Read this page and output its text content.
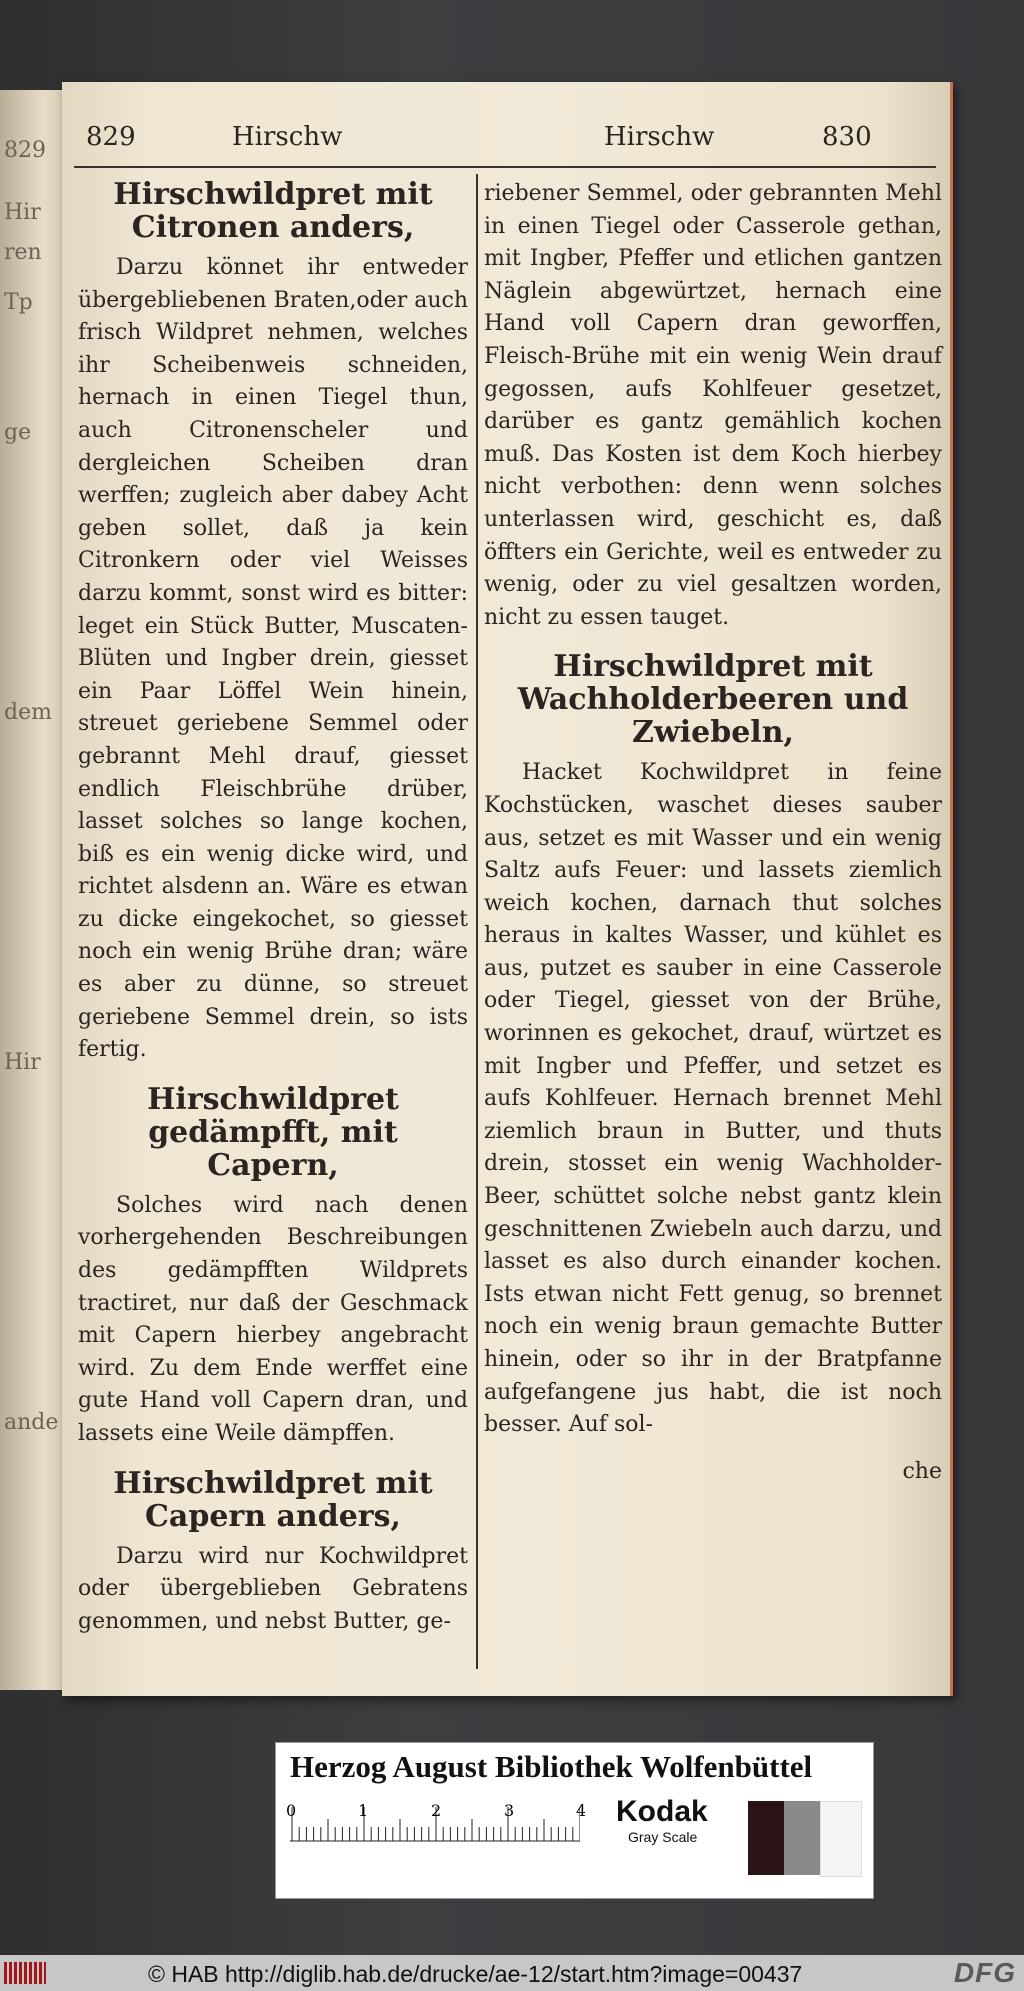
829
Hir
ren
Tp
ge
dem
Hir
ande
829	Hirschw	Hirschw	830

Hirschwildpret mit Citronen anders,

Darzu könnet ihr entweder übergebliebenen Braten,oder auch frisch Wildpret nehmen, welches ihr Scheibenweis schneiden, hernach in einen Tiegel thun, auch Citronenscheler und dergleichen Scheiben dran werffen; zugleich aber dabey Acht geben sollet, daß ja kein Citronkern oder viel Weisses darzu kommt, sonst wird es bitter: leget ein Stück Butter, Muscaten-Blüten und Ingber drein, giesset ein Paar Löffel Wein hinein, streuet geriebene Semmel oder gebrannt Mehl drauf, giesset endlich Fleischbrühe drüber, lasset solches so lange kochen, biß es ein wenig dicke wird, und richtet alsdenn an. Wäre es etwan zu dicke eingekochet, so giesset noch ein wenig Brühe dran; wäre es aber zu dünne, so streuet geriebene Semmel drein, so ists fertig.

Hirschwildpret gedämpfft, mit Capern,

Solches wird nach denen vorhergehenden Beschreibungen des gedämpfften Wildprets tractiret, nur daß der Geschmack mit Capern hierbey angebracht wird. Zu dem Ende werffet eine gute Hand voll Capern dran, und lassets eine Weile dämpffen.

Hirschwildpret mit Capern anders,

Darzu wird nur Kochwildpret oder übergeblieben Gebratens genommen, und nebst Butter, ge-

riebener Semmel, oder gebrannten Mehl in einen Tiegel oder Casserole gethan, mit Ingber, Pfeffer und etlichen gantzen Näglein abgewürtzet, hernach eine Hand voll Capern dran geworffen, Fleisch-Brühe mit ein wenig Wein drauf gegossen, aufs Kohlfeuer gesetzet, darüber es gantz gemählich kochen muß. Das Kosten ist dem Koch hierbey nicht verbothen: denn wenn solches unterlassen wird, geschicht es, daß öffters ein Gerichte, weil es entweder zu wenig, oder zu viel gesaltzen worden, nicht zu essen tauget.

Hirschwildpret mit Wachholderbeeren und Zwiebeln,

Hacket Kochwildpret in feine Kochstücken, waschet dieses sauber aus, setzet es mit Wasser und ein wenig Saltz aufs Feuer: und lassets ziemlich weich kochen, darnach thut solches heraus in kaltes Wasser, und kühlet es aus, putzet es sauber in eine Casserole oder Tiegel, giesset von der Brühe, worinnen es gekochet, drauf, würtzet es mit Ingber und Pfeffer, und setzet es aufs Kohlfeuer. Hernach brennet Mehl ziemlich braun in Butter, und thuts drein, stosset ein wenig Wachholder-Beer, schüttet solche nebst gantz klein geschnittenen Zwiebeln auch darzu, und lasset es also durch einander kochen. Ists etwan nicht Fett genug, so brennet noch ein wenig braun gemachte Butter hinein, oder so ihr in der Bratpfanne aufgefangene jus habt, die ist noch besser. Auf sol-

che

Herzog August Bibliothek Wolfenbüttel
0	1	2	3	4 Kodak
Gray Scale
© HAB http://diglib.hab.de/drucke/ae-12/start.htm?image=00437	DFG
